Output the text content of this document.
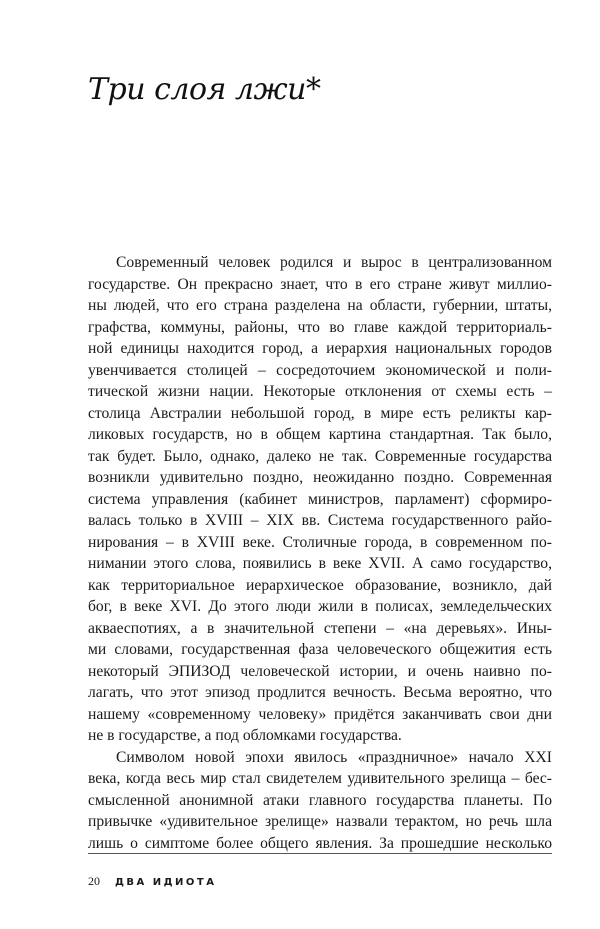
Три слоя лжи*

Современный человек родился и вырос в централизованном
государстве. Он прекрасно знает, что в его стране живут миллио-
ны людей, что его страна разделена на области, губернии, штаты,
графства, коммуны, районы, что во главе каждой территориаль-
ной единицы находится город, а иерархия национальных городов
увенчивается столицей – сосредоточием экономической и поли-
тической жизни нации. Некоторые отклонения от схемы есть –
столица Австралии небольшой город, в мире есть реликты кар-
ликовых государств, но в общем картина стандартная. Так было,
так будет. Было, однако, далеко не так. Современные государства
возникли удивительно поздно, неожиданно поздно. Современная
система управления (кабинет министров, парламент) сформиро-
валась только в XVIII – XIX вв. Система государственного райо-
нирования – в XVIII веке. Столичные города, в современном по-
нимании этого слова, появились в веке XVII. А само государство,
как территориальное иерархическое образование, возникло, дай
бог, в веке XVI. До этого люди жили в полисах, земледельческих
акваеспотиях, а в значительной степени – «на деревьях». Ины-
ми словами, государственная фаза человеческого общежития есть
некоторый ЭПИЗОД человеческой истории, и очень наивно по-
лагать, что этот эпизод продлится вечность. Весьма вероятно, что
нашему «современному человеку» придётся заканчивать свои дни
не в государстве, а под обломками государства.

Символом новой эпохи явилось «праздничное» начало XXI
века, когда весь мир стал свидетелем удивительного зрелища – бес-
смысленной анонимной атаки главного государства планеты. По
привычке «удивительное зрелище» назвали терактом, но речь шла
лишь о симптоме более общего явления. За прошедшие несколько

20 ДВА ИДИОТА
